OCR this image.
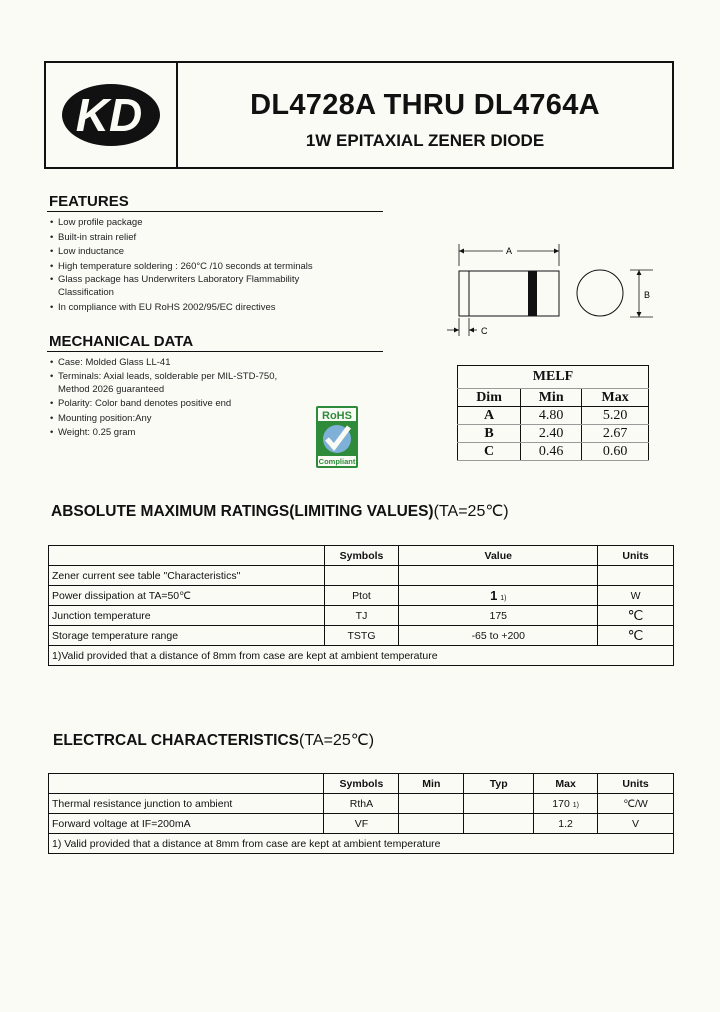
KD	DL4728A THRU DL4764A
1W EPITAXIAL ZENER DIODE
FEATURES
• Low profile package
• Built-in strain relief
• Low inductance
• High temperature soldering : 260°C /10 seconds at terminals
• Glass package has Underwriters Laboratory Flammability
Classification
• In compliance with EU RoHS 2002/95/EC directives
MECHANICAL DATA
• Case: Molded Glass LL-41
• Terminals: Axial leads, solderable per MIL-STD-750,
Method 2026 guaranteed
• Polarity: Color band denotes positive end
• Mounting position:Any
• Weight: 0.25 gram
RoHS
Compliant
A
B
C
MELF		
Dim	Min	Max
A	4.80	5.20
B	2.40	2.67
C	0.46	0.60
ABSOLUTE MAXIMUM RATINGS(LIMITING VALUES)(TA=25℃)
	Symbols	Value	Units
Zener current see table "Characteristics"			
Power dissipation at TA=50℃	Ptot	1 1)	W
Junction temperature	TJ	175	℃
Storage temperature range	TSTG	-65 to +200	℃
1)Valid provided that a distance of 8mm from case are kept at ambient temperature			
ELECTRCAL CHARACTERISTICS(TA=25℃)
	Symbols	Min	Typ	Max	Units
Thermal resistance junction to ambient	RthA			170 1)	℃/W
Forward voltage at IF=200mA	VF			1.2	V
1) Valid provided that a distance at 8mm from case are kept at ambient temperature					
